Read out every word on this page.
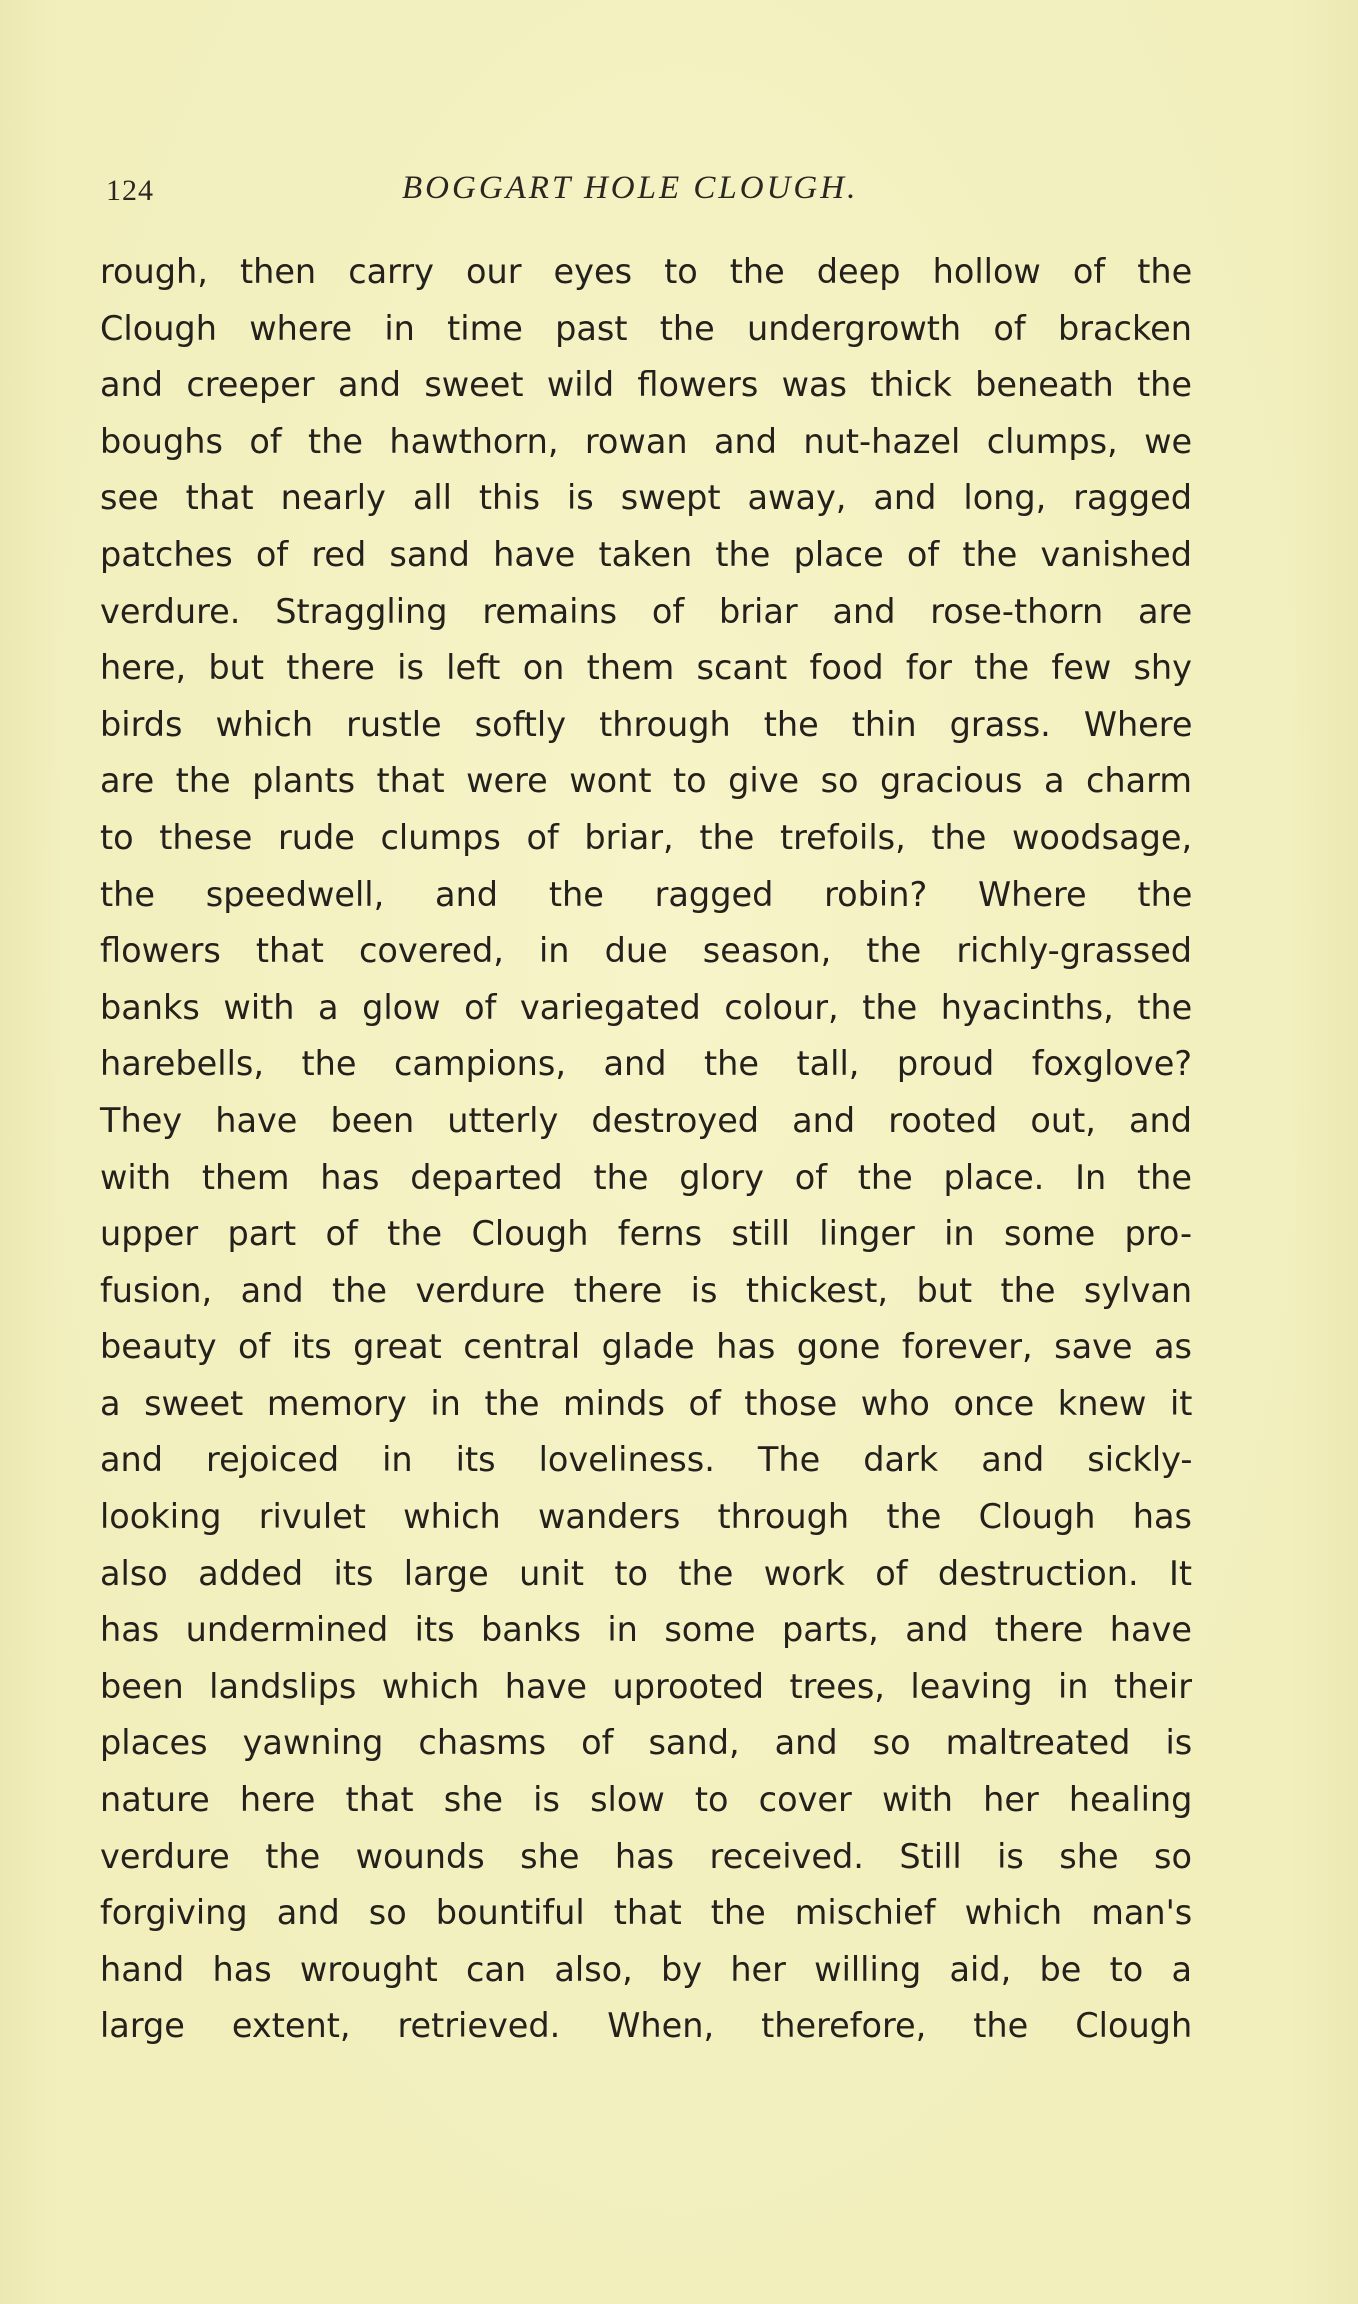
124	BOGGART HOLE CLOUGH.
rough, then carry our eyes to the deep hollow of the
Clough where in time past the undergrowth of bracken
and creeper and sweet wild flowers was thick beneath the
boughs of the hawthorn, rowan and nut-hazel clumps, we
see that nearly all this is swept away, and long, ragged
patches of red sand have taken the place of the vanished
verdure. Straggling remains of briar and rose-thorn are
here, but there is left on them scant food for the few shy
birds which rustle softly through the thin grass. Where
are the plants that were wont to give so gracious a charm
to these rude clumps of briar, the trefoils, the woodsage,
the speedwell, and the ragged robin? Where the
flowers that covered, in due season, the richly-grassed
banks with a glow of variegated colour, the hyacinths, the
harebells, the campions, and the tall, proud foxglove?
They have been utterly destroyed and rooted out, and
with them has departed the glory of the place. In the
upper part of the Clough ferns still linger in some pro-
fusion, and the verdure there is thickest, but the sylvan
beauty of its great central glade has gone forever, save as
a sweet memory in the minds of those who once knew it
and rejoiced in its loveliness. The dark and sickly-
looking rivulet which wanders through the Clough has
also added its large unit to the work of destruction. It
has undermined its banks in some parts, and there have
been landslips which have uprooted trees, leaving in their
places yawning chasms of sand, and so maltreated is
nature here that she is slow to cover with her healing
verdure the wounds she has received. Still is she so
forgiving and so bountiful that the mischief which man's
hand has wrought can also, by her willing aid, be to a
large extent, retrieved. When, therefore, the Clough
